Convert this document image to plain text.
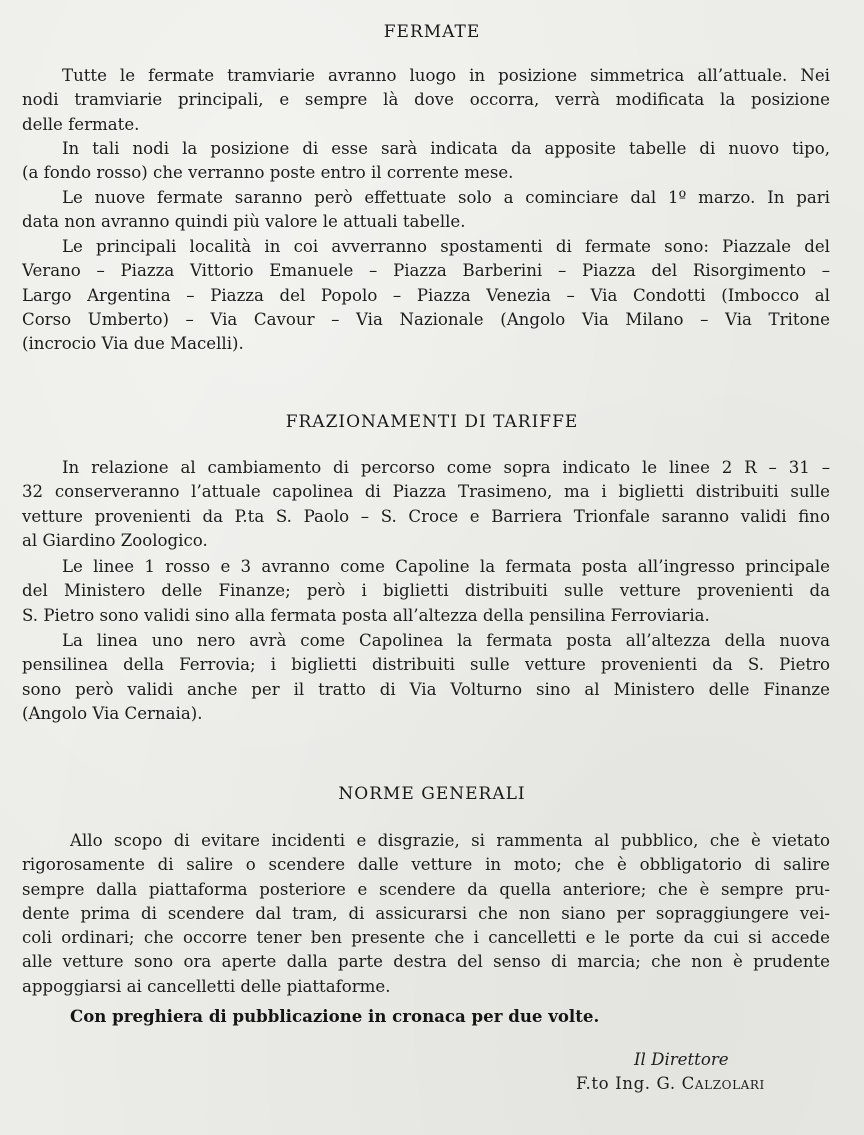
FERMATE
Tutte le fermate tramviarie avranno luogo in posizione simmetrica all’attuale. Nei
nodi tramviarie principali, e sempre là dove occorra, verrà modificata la posizione
delle fermate.
In tali nodi la posizione di esse sarà indicata da apposite tabelle di nuovo tipo,
(a fondo rosso) che verranno poste entro il corrente mese.
Le nuove fermate saranno però effettuate solo a cominciare dal 1º marzo. In pari
data non avranno quindi più valore le attuali tabelle.
Le principali località in coi avverranno spostamenti di fermate sono: Piazzale del
Verano – Piazza Vittorio Emanuele – Piazza Barberini – Piazza del Risorgimento –
Largo Argentina – Piazza del Popolo – Piazza Venezia – Via Condotti (Imbocco al
Corso Umberto) – Via Cavour – Via Nazionale (Angolo Via Milano – Via Tritone
(incrocio Via due Macelli).
FRAZIONAMENTI DI TARIFFE
In relazione al cambiamento di percorso come sopra indicato le linee 2 R – 31 –
32 conserveranno l’attuale capolinea di Piazza Trasimeno, ma i biglietti distribuiti sulle
vetture provenienti da P.ta S. Paolo – S. Croce e Barriera Trionfale saranno validi fino
al Giardino Zoologico.
Le linee 1 rosso e 3 avranno come Capoline la fermata posta all’ingresso principale
del Ministero delle Finanze; però i biglietti distribuiti sulle vetture provenienti da
S. Pietro sono validi sino alla fermata posta all’altezza della pensilina Ferroviaria.
La linea uno nero avrà come Capolinea la fermata posta all’altezza della nuova
pensilinea della Ferrovia; i biglietti distribuiti sulle vetture provenienti da S. Pietro
sono però validi anche per il tratto di Via Volturno sino al Ministero delle Finanze
(Angolo Via Cernaia).
NORME GENERALI
Allo scopo di evitare incidenti e disgrazie, si rammenta al pubblico, che è vietato
rigorosamente di salire o scendere dalle vetture in moto; che è obbligatorio di salire
sempre dalla piattaforma posteriore e scendere da quella anteriore; che è sempre pru-
dente prima di scendere dal tram, di assicurarsi che non siano per sopraggiungere vei-
coli ordinari; che occorre tener ben presente che i cancelletti e le porte da cui si accede
alle vetture sono ora aperte dalla parte destra del senso di marcia; che non è prudente
appoggiarsi ai cancelletti delle piattaforme.
Con preghiera di pubblicazione in cronaca per due volte.
Il Direttore
F.to Ing. G. Calzolari
